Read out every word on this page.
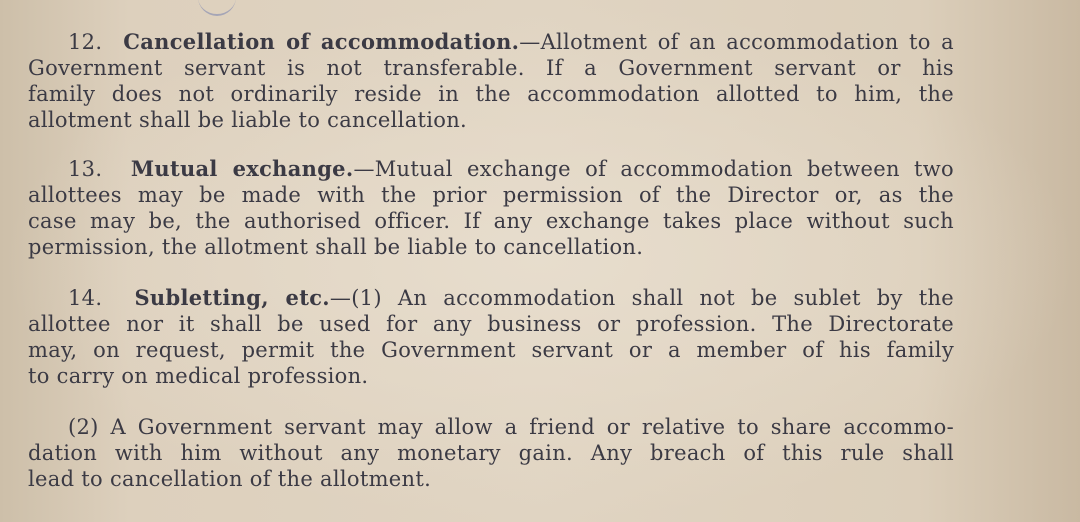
12. Cancellation of accommodation.—Allotment of an accommodation to a
Government servant is not transferable. If a Government servant or his
family does not ordinarily reside in the accommodation allotted to him, the
allotment shall be liable to cancellation.
13. Mutual exchange.—Mutual exchange of accommodation between two
allottees may be made with the prior permission of the Director or, as the
case may be, the authorised officer. If any exchange takes place without such
permission, the allotment shall be liable to cancellation.
14. Subletting, etc.—(1) An accommodation shall not be sublet by the
allottee nor it shall be used for any business or profession. The Directorate
may, on request, permit the Government servant or a member of his family
to carry on medical profession.
(2) A Government servant may allow a friend or relative to share accommo-
dation with him without any monetary gain. Any breach of this rule shall
lead to cancellation of the allotment.
